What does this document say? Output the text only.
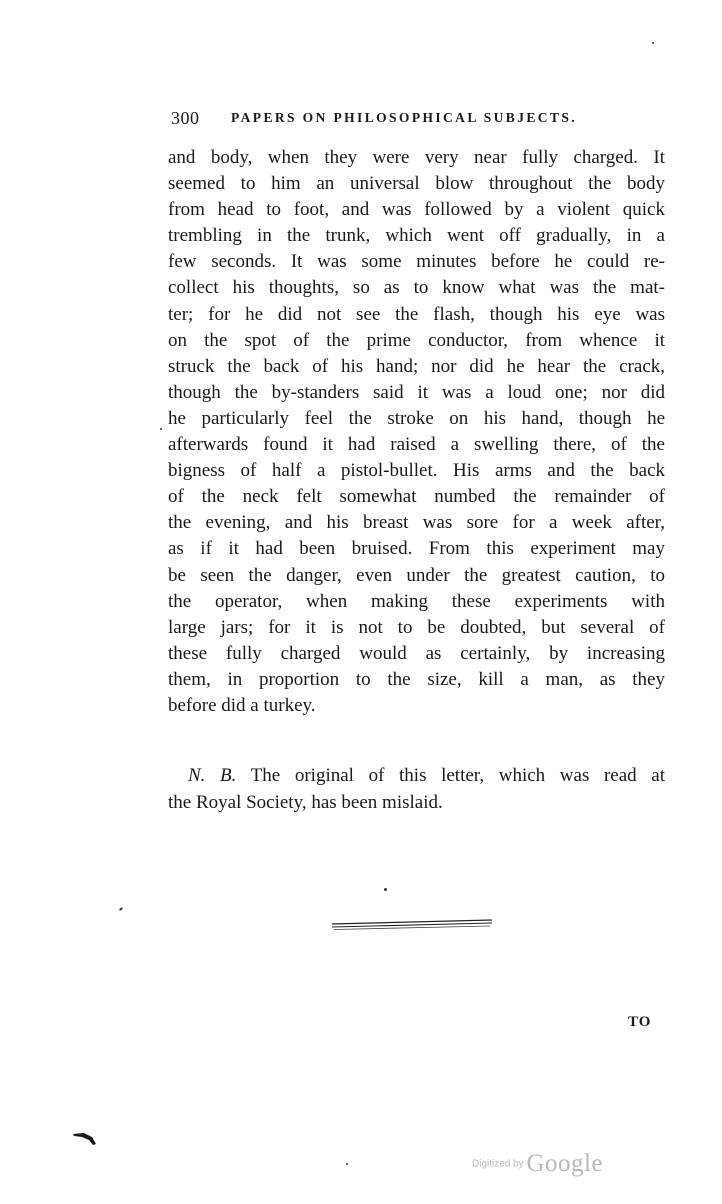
300 PAPERS ON PHILOSOPHICAL SUBJECTS.
and body, when they were very near fully charged. It
seemed to him an universal blow throughout the body
from head to foot, and was followed by a violent quick
trembling in the trunk, which went off gradually, in a
few seconds. It was some minutes before he could re-
collect his thoughts, so as to know what was the mat-
ter; for he did not see the flash, though his eye was
on the spot of the prime conductor, from whence it
struck the back of his hand; nor did he hear the crack,
though the by-standers said it was a loud one; nor did
he particularly feel the stroke on his hand, though he
afterwards found it had raised a swelling there, of the
bigness of half a pistol-bullet. His arms and the back
of the neck felt somewhat numbed the remainder of
the evening, and his breast was sore for a week after,
as if it had been bruised. From this experiment may
be seen the danger, even under the greatest caution, to
the operator, when making these experiments with
large jars; for it is not to be doubted, but several of
these fully charged would as certainly, by increasing
them, in proportion to the size, kill a man, as they
before did a turkey.
N. B. The original of this letter, which was read at
the Royal Society, has been mislaid.
TO
Digitized by Google
